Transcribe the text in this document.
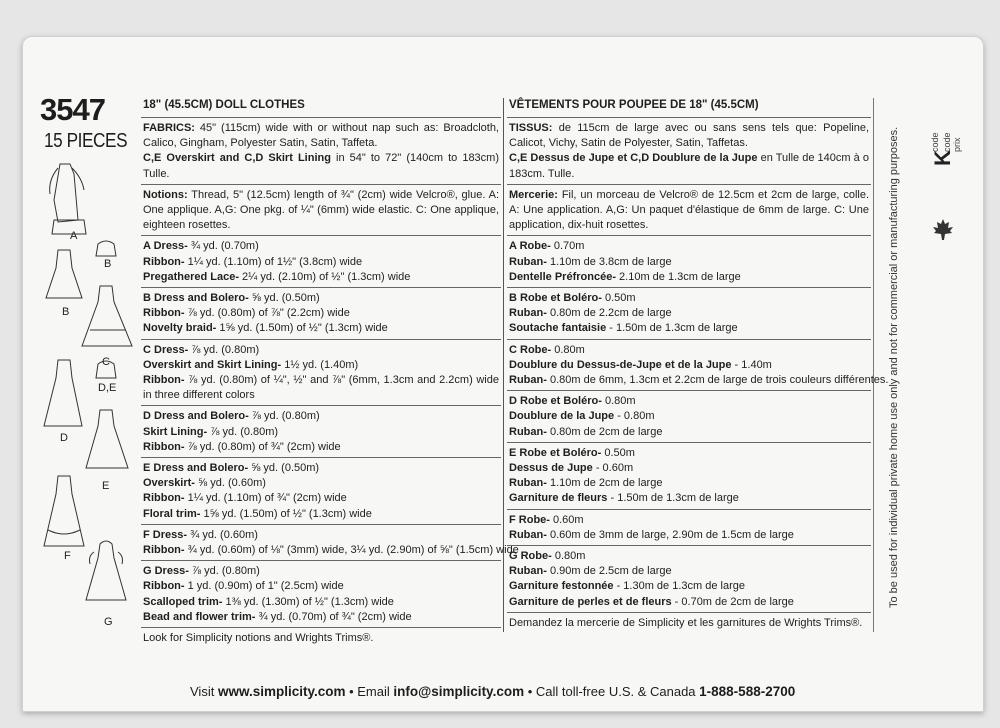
3547
15 PIECES
A
B
B
C
D,E
D
E
F
G
18" (45.5CM) DOLL CLOTHES
FABRICS: 45" (115cm) wide with or without nap such as: Broadcloth, Calico, Gingham, Polyester Satin, Satin, Taffeta.
C,E Overskirt and C,D Skirt Lining in 54" to 72" (140cm to 183cm) Tulle.
Notions: Thread, 5" (12.5cm) length of ¾" (2cm) wide Velcro®, glue. A: One applique. A,G: One pkg. of ¼" (6mm) wide elastic. C: One applique, eighteen rosettes.
A Dress- ¾ yd. (0.70m)
Ribbon- 1¼ yd. (1.10m) of 1½" (3.8cm) wide
Pregathered Lace- 2¼ yd. (2.10m) of ½" (1.3cm) wide
B Dress and Bolero- ⅝ yd. (0.50m)
Ribbon- ⅞ yd. (0.80m) of ⅞" (2.2cm) wide
Novelty braid- 1⅝ yd. (1.50m) of ½" (1.3cm) wide
C Dress- ⅞ yd. (0.80m)
Overskirt and Skirt Lining- 1½ yd. (1.40m)
Ribbon- ⅞ yd. (0.80m) of ¼", ½" and ⅞" (6mm, 1.3cm and 2.2cm) wide in three different colors
D Dress and Bolero- ⅞ yd. (0.80m)
Skirt Lining- ⅞ yd. (0.80m)
Ribbon- ⅞ yd. (0.80m) of ¾" (2cm) wide
E Dress and Bolero- ⅝ yd. (0.50m)
Overskirt- ⅝ yd. (0.60m)
Ribbon- 1¼ yd. (1.10m) of ¾" (2cm) wide
Floral trim- 1⅝ yd. (1.50m) of ½" (1.3cm) wide
F Dress- ¾ yd. (0.60m)
Ribbon- ¾ yd. (0.60m) of ⅛" (3mm) wide, 3¼ yd. (2.90m) of ⅝" (1.5cm) wide
G Dress- ⅞ yd. (0.80m)
Ribbon- 1 yd. (0.90m) of 1" (2.5cm) wide
Scalloped trim- 1⅜ yd. (1.30m) of ½" (1.3cm) wide
Bead and flower trim- ¾ yd. (0.70m) of ¾" (2cm) wide
Look for Simplicity notions and Wrights Trims®.
VÊTEMENTS POUR POUPEE DE 18" (45.5CM)
TISSUS: de 115cm de large avec ou sans sens tels que: Popeline, Calicot, Vichy, Satin de Polyester, Satin, Taffetas.
C,E Dessus de Jupe et C,D Doublure de la Jupe en Tulle de 140cm à o 183cm. Tulle.
Mercerie: Fil, un morceau de Velcro® de 12.5cm et 2cm de large, colle. A: Une application. A,G: Un paquet d'élastique de 6mm de large. C: Une application, dix-huit rosettes.
A Robe- 0.70m
Ruban- 1.10m de 3.8cm de large
Dentelle Préfroncée- 2.10m de 1.3cm de large
B Robe et Boléro- 0.50m
Ruban- 0.80m de 2.2cm de large
Soutache fantaisie - 1.50m de 1.3cm de large
C Robe- 0.80m
Doublure du Dessus-de-Jupe et de la Jupe - 1.40m
Ruban- 0.80m de 6mm, 1.3cm et 2.2cm de large de trois couleurs différentes.
D Robe et Boléro- 0.80m
Doublure de la Jupe - 0.80m
Ruban- 0.80m de 2cm de large
E Robe et Boléro- 0.50m
Dessus de Jupe - 0.60m
Ruban- 1.10m de 2cm de large
Garniture de fleurs - 1.50m de 1.3cm de large
F Robe- 0.60m
Ruban- 0.60m de 3mm de large, 2.90m de 1.5cm de large
G Robe- 0.80m
Ruban- 0.90m de 2.5cm de large
Garniture festonnée - 1.30m de 1.3cm de large
Garniture de perles et de fleurs - 0.70m de 2cm de large
Demandez la mercerie de Simplicity et les garnitures de Wrights Trims®.
To be used for individual private home use only and not for commercial or manufacturing purposes.	code
K
code prix
Visit www.simplicity.com • Email info@simplicity.com • Call toll-free U.S. & Canada 1-888-588-2700
